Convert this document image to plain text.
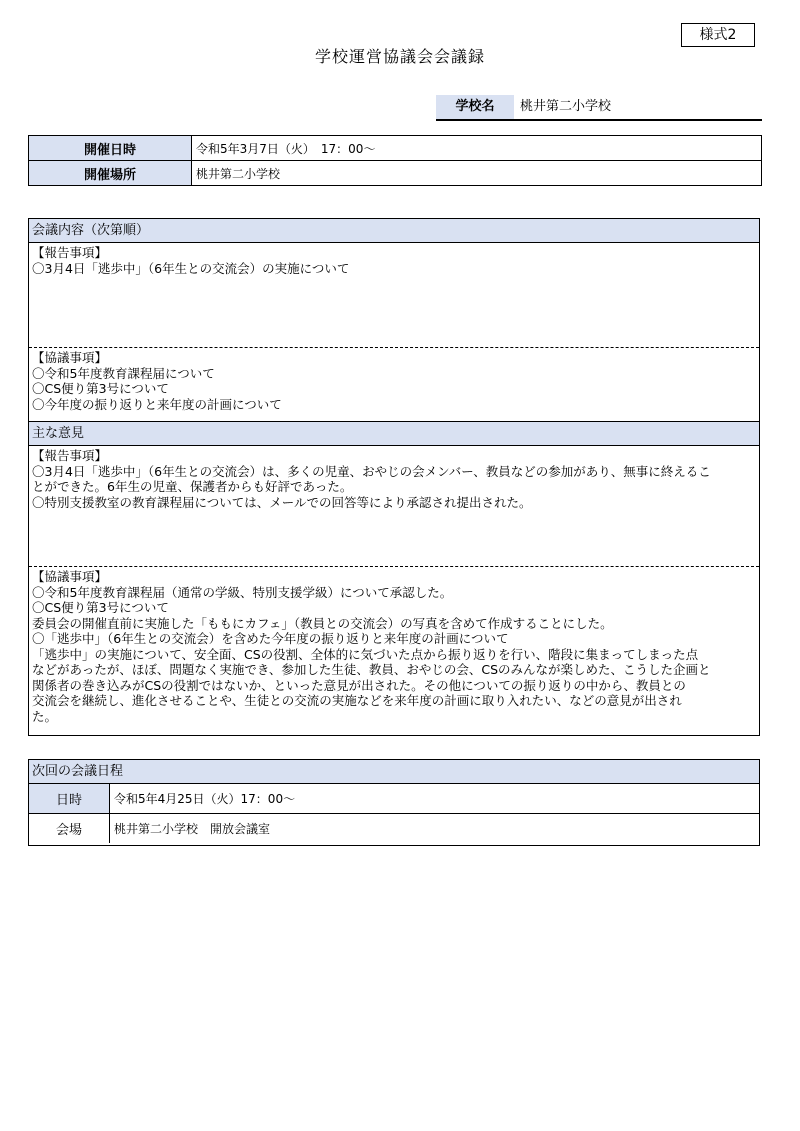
様式2
学校運営協議会会議録
学校名	桃井第二小学校
開催日時	令和5年3月7日（火）　17：00～
開催場所	桃井第二小学校
会議内容（次第順）
【報告事項】
〇3月4日「逃歩中」（6年生との交流会）の実施について
【協議事項】
〇令和5年度教育課程届について
〇CS便り第3号について
〇今年度の振り返りと来年度の計画について
主な意見
【報告事項】
〇3月4日「逃歩中」（6年生との交流会）は、多くの児童、おやじの会メンバー、教員などの参加があり、無事に終えるこ
とができた。6年生の児童、保護者からも好評であった。
〇特別支援教室の教育課程届については、メールでの回答等により承認され提出された。
【協議事項】
〇令和5年度教育課程届（通常の学級、特別支援学級）について承認した。
〇CS便り第3号について
委員会の開催直前に実施した「ももにカフェ」（教員との交流会）の写真を含めて作成することにした。
〇「逃歩中」（6年生との交流会）を含めた今年度の振り返りと来年度の計画について
「逃歩中」の実施について、安全面、CSの役割、全体的に気づいた点から振り返りを行い、階段に集まってしまった点
などがあったが、ほぼ、問題なく実施でき、参加した生徒、教員、おやじの会、CSのみんなが楽しめた、こうした企画と
関係者の巻き込みがCSの役割ではないか、といった意見が出された。その他についての振り返りの中から、教員との
交流会を継続し、進化させることや、生徒との交流の実施などを来年度の計画に取り入れたい、などの意見が出され
た。
次回の会議日程
日時	令和5年4月25日（火）17：00～
会場	桃井第二小学校　開放会議室
